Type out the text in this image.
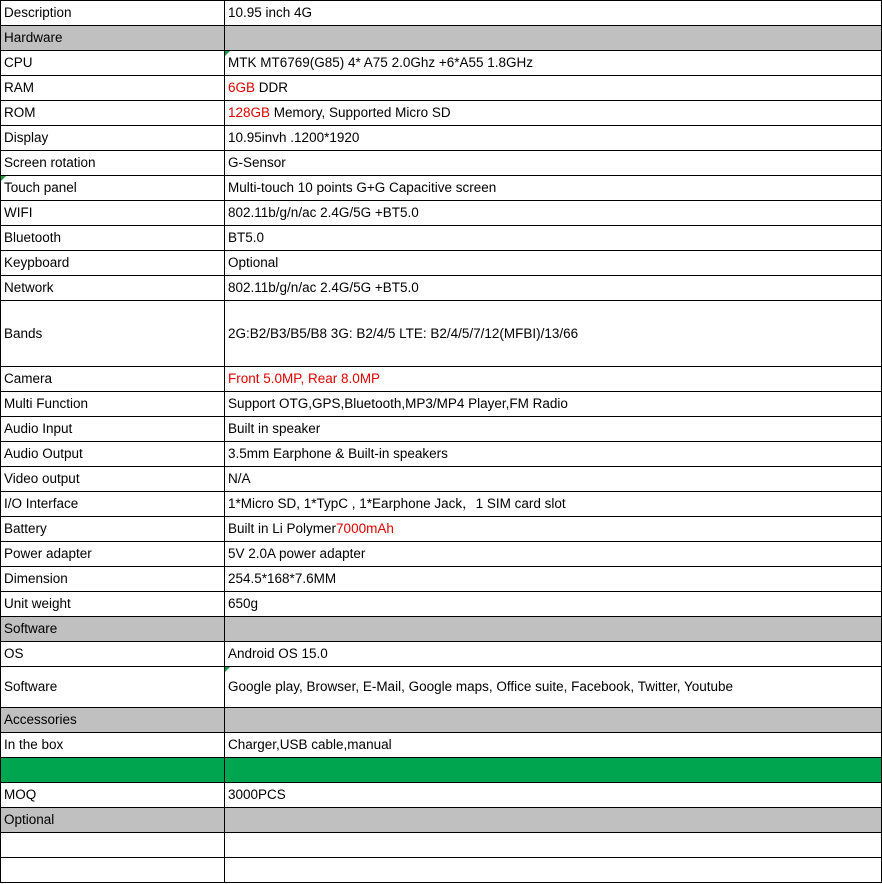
Description	10.95 inch 4G
Hardware	
CPU	MTK MT6769(G85) 4* A75 2.0Ghz +6*A55 1.8GHz
RAM	6GB DDR
ROM	128GB Memory, Supported Micro SD
Display	10.95invh .1200*1920
Screen rotation	G-Sensor
Touch panel	Multi-touch 10 points G+G Capacitive screen
WIFI	802.11b/g/n/ac 2.4G/5G +BT5.0
Bluetooth	BT5.0
Keypboard	Optional
Network	802.11b/g/n/ac 2.4G/5G +BT5.0
Bands	2G:B2/B3/B5/B8 3G: B2/4/5 LTE: B2/4/5/7/12(MFBI)/13/66
Camera	Front 5.0MP, Rear 8.0MP
Multi Function	Support OTG,GPS,Bluetooth,MP3/MP4 Player,FM Radio
Audio Input	Built in speaker
Audio Output	3.5mm Earphone & Built-in speakers
Video output	N/A
I/O Interface	1*Micro SD, 1*TypC , 1*Earphone Jack，1 SIM card slot
Battery	Built in Li Polymer7000mAh
Power adapter	5V 2.0A power adapter
Dimension	254.5*168*7.6MM
Unit weight	650g
Software	
OS	Android OS 15.0
Software	Google play, Browser, E-Mail, Google maps, Office suite, Facebook, Twitter, Youtube
Accessories	
In the box	Charger,USB cable,manual

MOQ	3000PCS
Optional	
